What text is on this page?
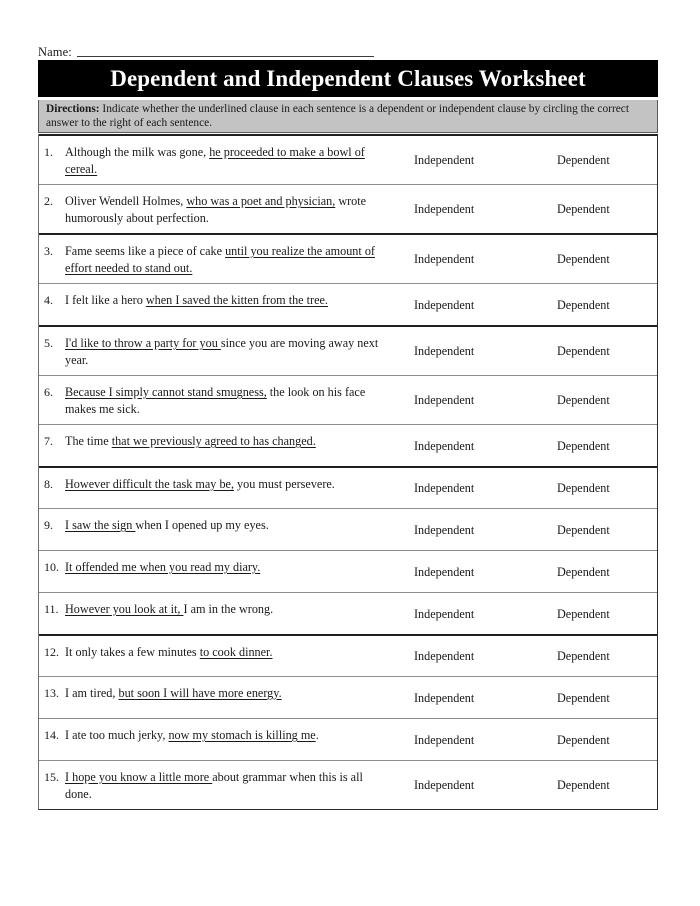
Name:
Dependent and Independent Clauses Worksheet

Directions: Indicate whether the underlined clause in each sentence is a dependent or independent clause by circling the correct answer to the right of each sentence.

1. Although the milk was gone, he proceeded to make a bowl of cereal.
Independent	Dependent
2. Oliver Wendell Holmes, who was a poet and physician, wrote humorously about perfection.
Independent	Dependent
3. Fame seems like a piece of cake until you realize the amount of effort needed to stand out.
Independent	Dependent
4. I felt like a hero when I saved the kitten from the tree.	Independent	Dependent
5. I'd like to throw a party for you since you are moving away next year.
Independent	Dependent
6. Because I simply cannot stand smugness, the look on his face makes me sick.
Independent	Dependent
7. The time that we previously agreed to has changed.	Independent	Dependent
8. However difficult the task may be, you must persevere.	Independent	Dependent
9. I saw the sign when I opened up my eyes.	Independent	Dependent
10. It offended me when you read my diary.	Independent	Dependent
11. However you look at it, I am in the wrong.	Independent	Dependent
12. It only takes a few minutes to cook dinner.	Independent	Dependent
13. I am tired, but soon I will have more energy.	Independent	Dependent
14. I ate too much jerky, now my stomach is killing me.	Independent	Dependent
15. I hope you know a little more about grammar when this is all done.
Independent	Dependent
